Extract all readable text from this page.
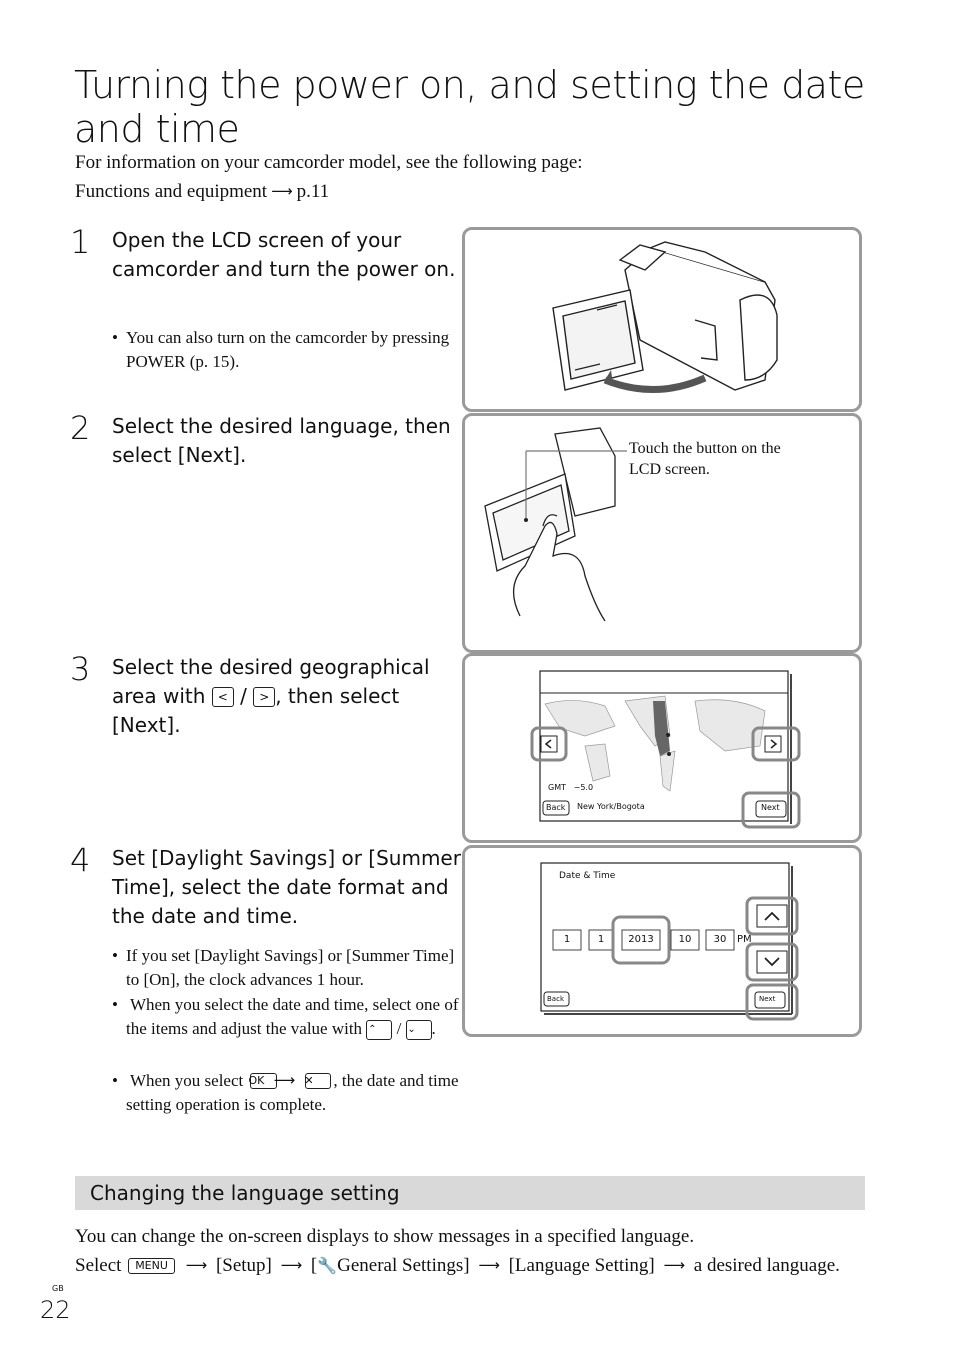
Turning the power on, and setting the date and time
For information on your camcorder model, see the following page:
Functions and equipment ⟶ p.11
1 Open the LCD screen of your camcorder and turn the power on.
• You can also turn on the camcorder by pressing POWER (p. 15).
2 Select the desired language, then select [Next].
3 Select the desired geographical area with < / > , then select [Next].
4 Set [Daylight Savings] or [Summer Time], select the date format and the date and time.
• If you set [Daylight Savings] or [Summer Time] to [On], the clock advances 1 hour.
• When you select the date and time, select one of the items and adjust the value with ⌃ / ⌄ .
• When you select OK ⟶ ✕ , the date and time setting operation is complete.
Touch the button on the LCD screen.
GMT −5.0
Back New York/Bogota	Next
Date & Time
1	1	2013	10	30	PM
Back	Next
Changing the language setting
You can change the on-screen displays to show messages in a specified language.
Select MENU ⟶ [Setup] ⟶ [🔧General Settings] ⟶ [Language Setting] ⟶ a desired language.
GB
22
